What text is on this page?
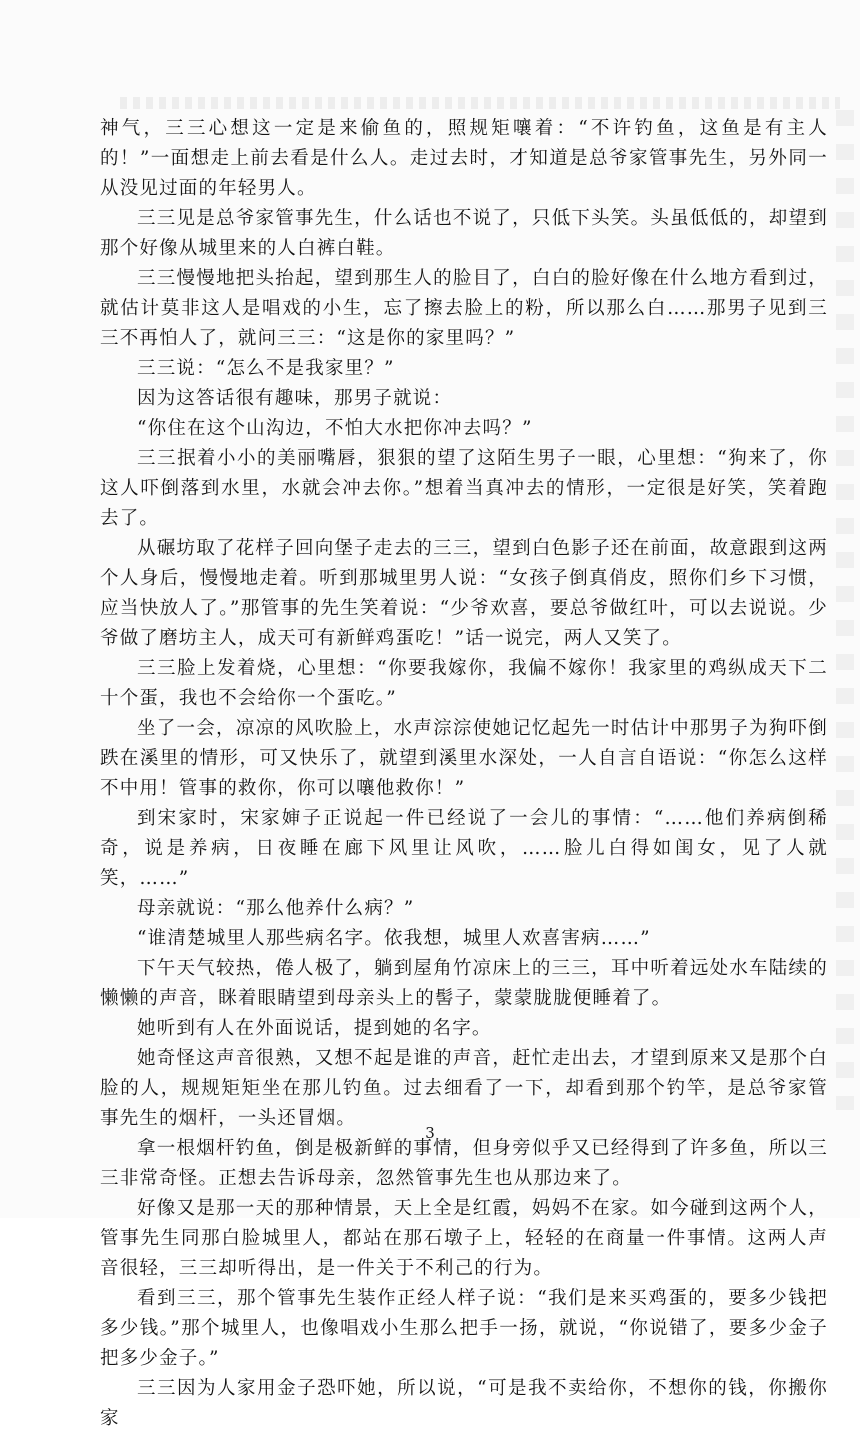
神气，三三心想这一定是来偷鱼的，照规矩嚷着：“不许钓鱼，这鱼是有主人的！”一面想走上前去看是什么人。走过去时，才知道是总爷家管事先生，另外同一从没见过面的年轻男人。

三三见是总爷家管事先生，什么话也不说了，只低下头笑。头虽低低的，却望到那个好像从城里来的人白裤白鞋。

三三慢慢地把头抬起，望到那生人的脸目了，白白的脸好像在什么地方看到过，就估计莫非这人是唱戏的小生，忘了擦去脸上的粉，所以那么白……那男子见到三三不再怕人了，就问三三：“这是你的家里吗？”

三三说：“怎么不是我家里？”

因为这答话很有趣味，那男子就说：

“你住在这个山沟边，不怕大水把你冲去吗？”

三三抿着小小的美丽嘴唇，狠狠的望了这陌生男子一眼，心里想：“狗来了，你这人吓倒落到水里，水就会冲去你。”想着当真冲去的情形，一定很是好笑，笑着跑去了。

从碾坊取了花样子回向堡子走去的三三，望到白色影子还在前面，故意跟到这两个人身后，慢慢地走着。听到那城里男人说：“女孩子倒真俏皮，照你们乡下习惯，应当快放人了。”那管事的先生笑着说：“少爷欢喜，要总爷做红叶，可以去说说。少爷做了磨坊主人，成天可有新鲜鸡蛋吃！”话一说完，两人又笑了。

三三脸上发着烧，心里想：“你要我嫁你，我偏不嫁你！我家里的鸡纵成天下二十个蛋，我也不会给你一个蛋吃。”

坐了一会，凉凉的风吹脸上，水声淙淙使她记忆起先一时估计中那男子为狗吓倒跌在溪里的情形，可又快乐了，就望到溪里水深处，一人自言自语说：“你怎么这样不中用！管事的救你，你可以嚷他救你！”

到宋家时，宋家婶子正说起一件已经说了一会儿的事情：“……他们养病倒稀奇，说是养病，日夜睡在廊下风里让风吹，……脸儿白得如闺女，见了人就笑，……”

母亲就说：“那么他养什么病？”

“谁清楚城里人那些病名字。依我想，城里人欢喜害病……”

下午天气较热，倦人极了，躺到屋角竹凉床上的三三，耳中听着远处水车陆续的懒懒的声音，眯着眼睛望到母亲头上的髻子，蒙蒙胧胧便睡着了。

她听到有人在外面说话，提到她的名字。

她奇怪这声音很熟，又想不起是谁的声音，赶忙走出去，才望到原来又是那个白脸的人，规规矩矩坐在那儿钓鱼。过去细看了一下，却看到那个钓竿，是总爷家管事先生的烟杆，一头还冒烟。

拿一根烟杆钓鱼，倒是极新鲜的事情，但身旁似乎又已经得到了许多鱼，所以三三非常奇怪。正想去告诉母亲，忽然管事先生也从那边来了。

好像又是那一天的那种情景，天上全是红霞，妈妈不在家。如今碰到这两个人，管事先生同那白脸城里人，都站在那石墩子上，轻轻的在商量一件事情。这两人声音很轻，三三却听得出，是一件关于不利己的行为。

看到三三，那个管事先生装作正经人样子说：“我们是来买鸡蛋的，要多少钱把多少钱。”那个城里人，也像唱戏小生那么把手一扬，就说，“你说错了，要多少金子把多少金子。”

三三因为人家用金子恐吓她，所以说，“可是我不卖给你，不想你的钱，你搬你家

3
